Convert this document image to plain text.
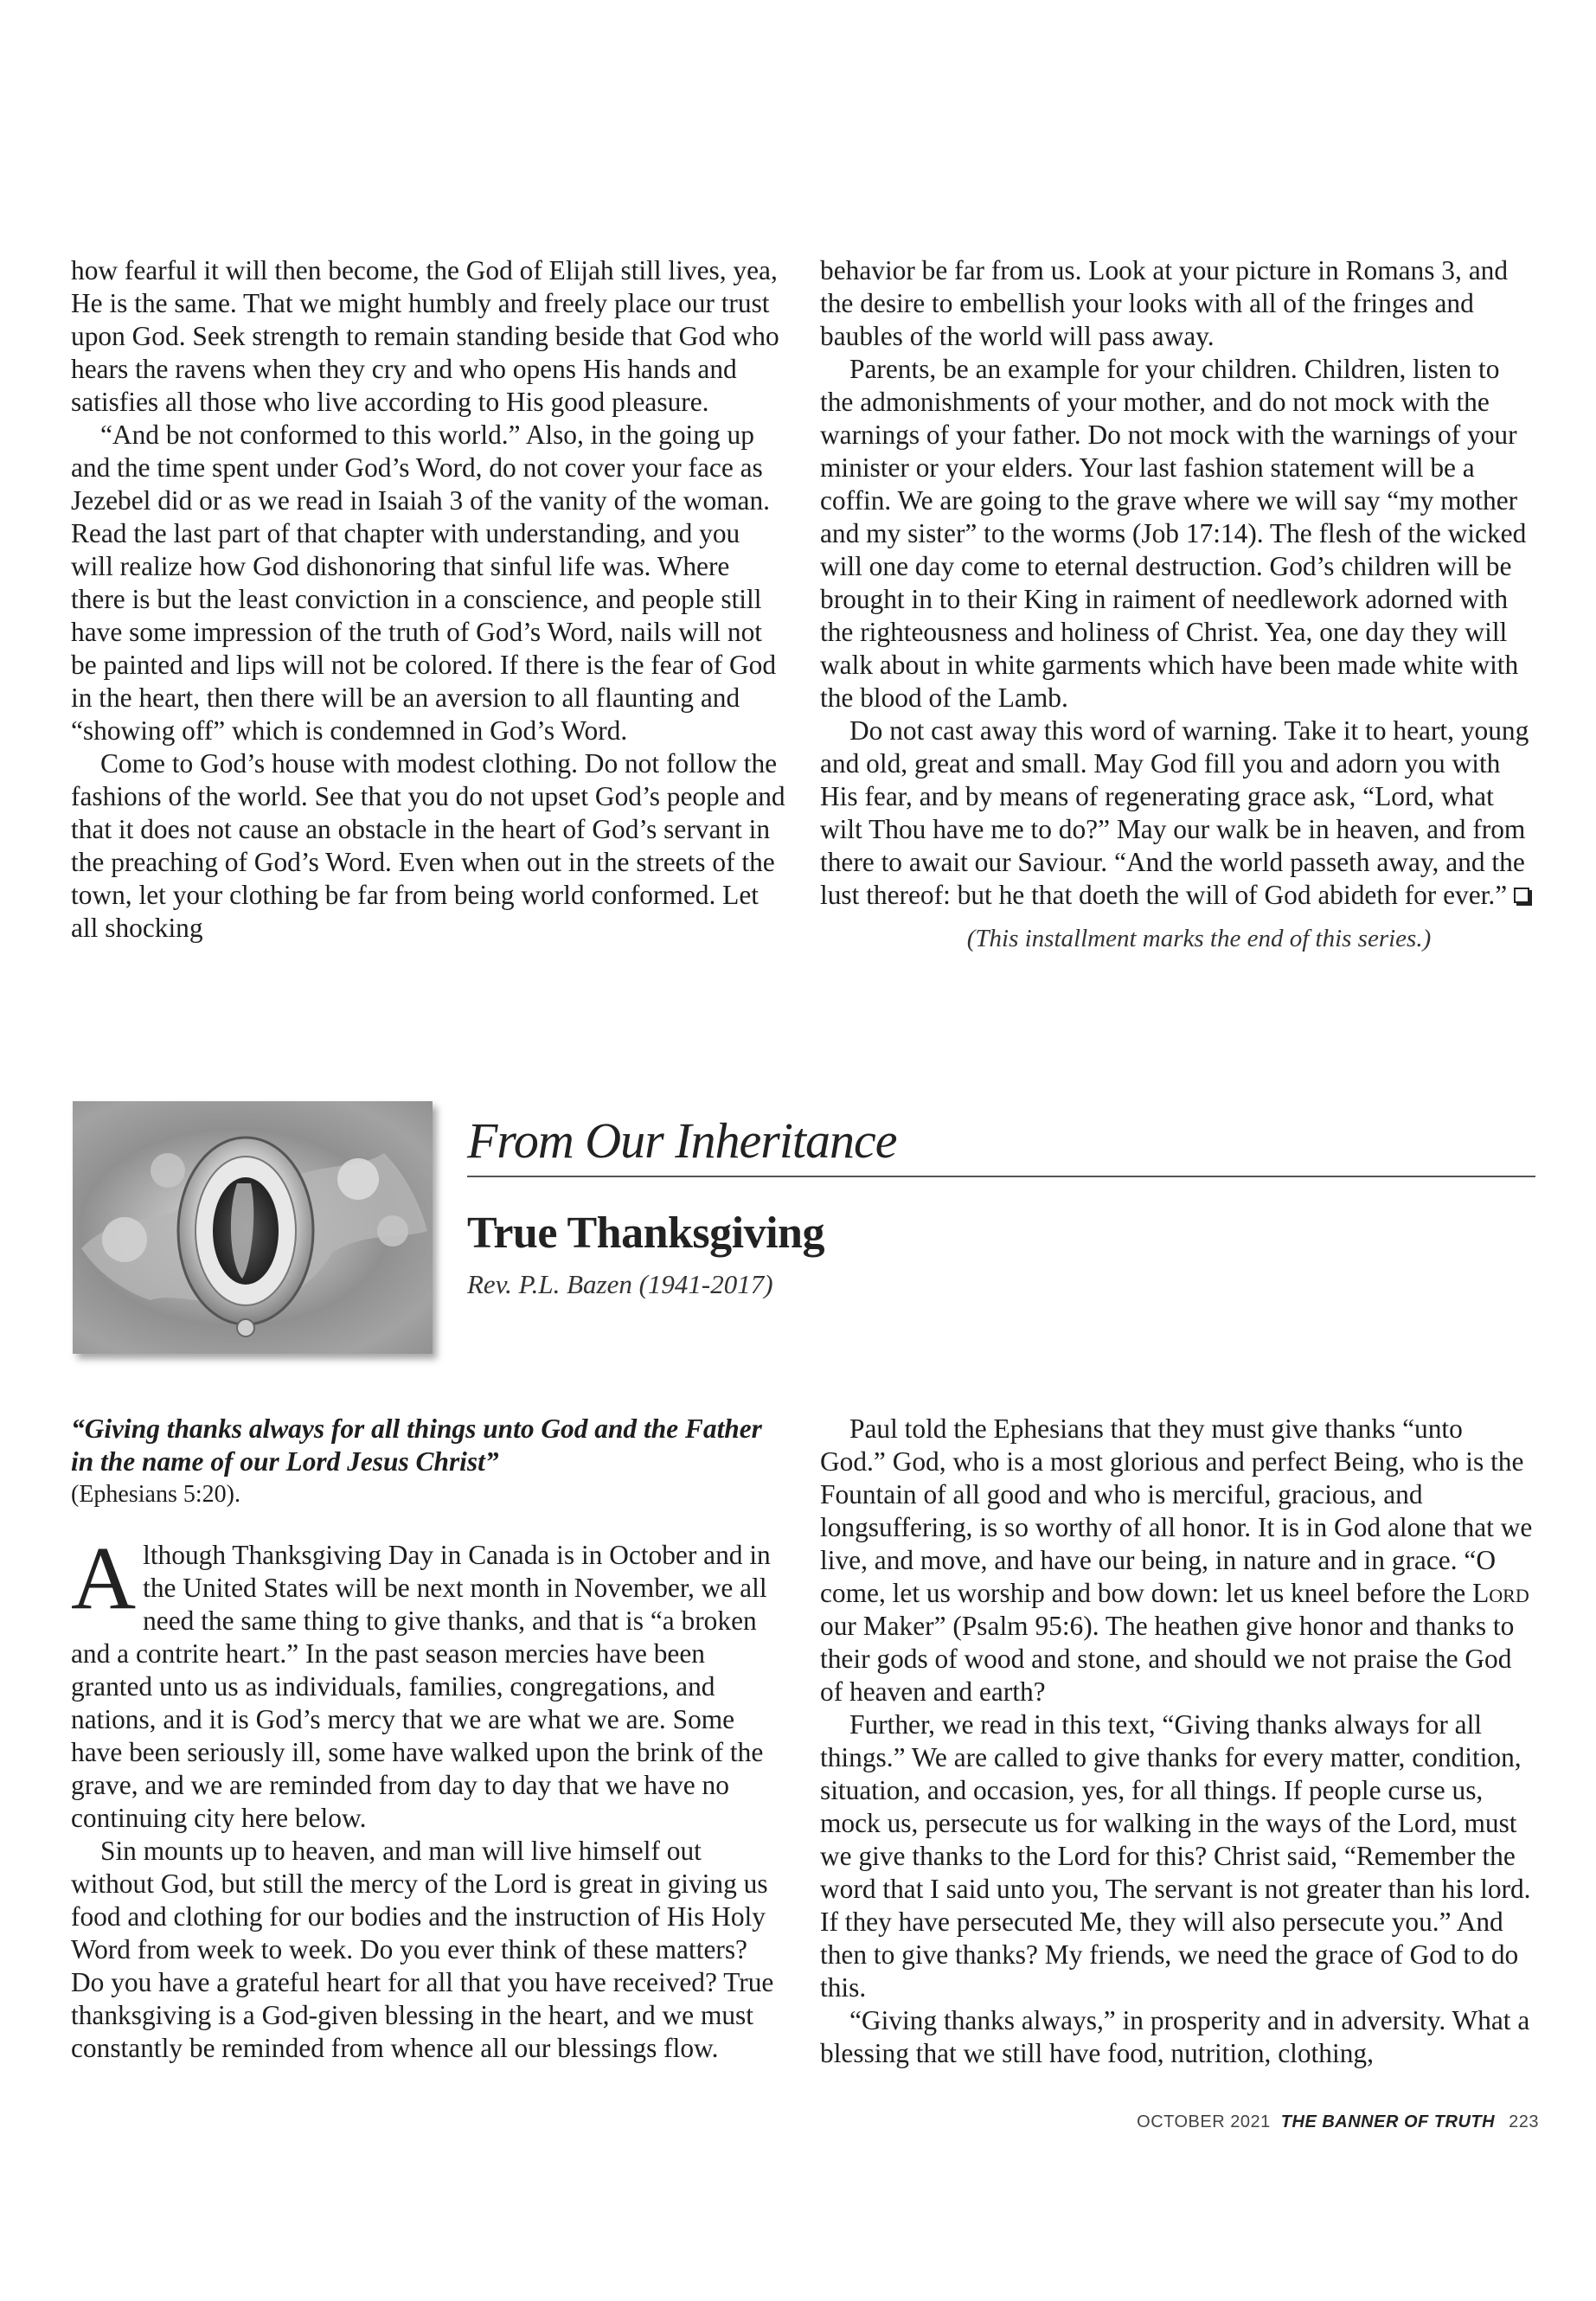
how fearful it will then become, the God of Elijah still lives, yea, He is the same. That we might humbly and freely place our trust upon God. Seek strength to remain standing beside that God who hears the ravens when they cry and who opens His hands and satisfies all those who live according to His good pleasure.

“And be not conformed to this world.” Also, in the going up and the time spent under God’s Word, do not cover your face as Jezebel did or as we read in Isaiah 3 of the vanity of the woman. Read the last part of that chapter with understanding, and you will realize how God dishonoring that sinful life was. Where there is but the least conviction in a conscience, and people still have some impression of the truth of God’s Word, nails will not be painted and lips will not be colored. If there is the fear of God in the heart, then there will be an aversion to all flaunting and “showing off” which is condemned in God’s Word.

Come to God’s house with modest clothing. Do not follow the fashions of the world. See that you do not upset God’s people and that it does not cause an obstacle in the heart of God’s servant in the preaching of God’s Word. Even when out in the streets of the town, let your clothing be far from being world conformed. Let all shocking

behavior be far from us. Look at your picture in Romans 3, and the desire to embellish your looks with all of the fringes and baubles of the world will pass away.

Parents, be an example for your children. Children, listen to the admonishments of your mother, and do not mock with the warnings of your father. Do not mock with the warnings of your minister or your elders. Your last fashion statement will be a coffin. We are going to the grave where we will say “my mother and my sister” to the worms (Job 17:14). The flesh of the wicked will one day come to eternal destruction. God’s children will be brought in to their King in raiment of needlework adorned with the righteousness and holiness of Christ. Yea, one day they will walk about in white garments which have been made white with the blood of the Lamb.

Do not cast away this word of warning. Take it to heart, young and old, great and small. May God fill you and adorn you with His fear, and by means of regenerating grace ask, “Lord, what wilt Thou have me to do?” May our walk be in heaven, and from there to await our Saviour. “And the world passeth away, and the lust thereof: but he that doeth the will of God abideth for ever.”

(This installment marks the end of this series.)

From Our Inheritance
True Thanksgiving

Rev. P.L. Bazen (1941-2017)

“Giving thanks always for all things unto God and the Father in the name of our Lord Jesus Christ”

(Ephesians 5:20).

Although Thanksgiving Day in Canada is in October and in the United States will be next month in November, we all need the same thing to give thanks, and that is “a broken and a contrite heart.” In the past season mercies have been granted unto us as individuals, families, congregations, and nations, and it is God’s mercy that we are what we are. Some have been seriously ill, some have walked upon the brink of the grave, and we are reminded from day to day that we have no continuing city here below.

Sin mounts up to heaven, and man will live himself out without God, but still the mercy of the Lord is great in giving us food and clothing for our bodies and the instruction of His Holy Word from week to week. Do you ever think of these matters? Do you have a grateful heart for all that you have received? True thanksgiving is a God-given blessing in the heart, and we must constantly be reminded from whence all our blessings flow.

Paul told the Ephesians that they must give thanks “unto God.” God, who is a most glorious and perfect Being, who is the Fountain of all good and who is merciful, gracious, and longsuffering, is so worthy of all honor. It is in God alone that we live, and move, and have our being, in nature and in grace. “O come, let us worship and bow down: let us kneel before the Lord our Maker” (Psalm 95:6). The heathen give honor and thanks to their gods of wood and stone, and should we not praise the God of heaven and earth?

Further, we read in this text, “Giving thanks always for all things.” We are called to give thanks for every matter, condition, situation, and occasion, yes, for all things. If people curse us, mock us, persecute us for walking in the ways of the Lord, must we give thanks to the Lord for this? Christ said, “Remember the word that I said unto you, The servant is not greater than his lord. If they have persecuted Me, they will also persecute you.” And then to give thanks? My friends, we need the grace of God to do this.

“Giving thanks always,” in prosperity and in adversity. What a blessing that we still have food, nutrition, clothing,

OCTOBER 2021 THE BANNER OF TRUTH 223
